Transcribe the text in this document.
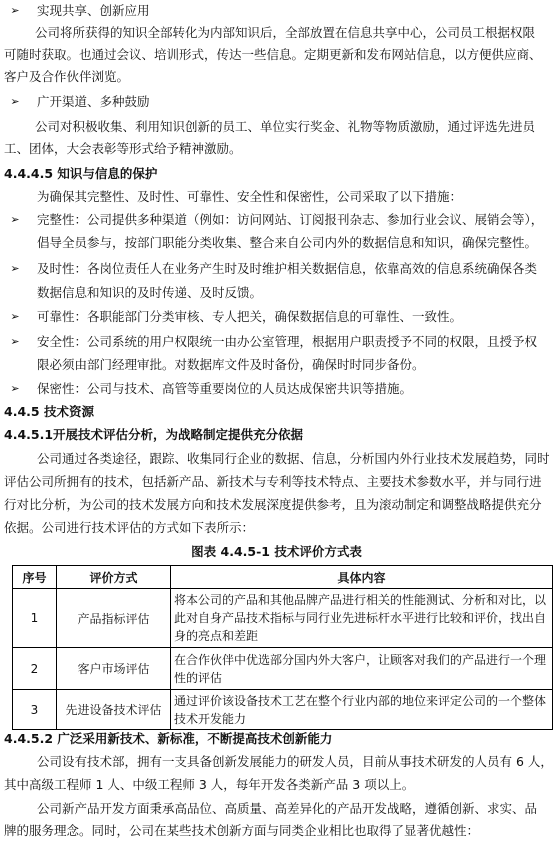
➢	实现共享、创新应用
公司将所获得的知识全部转化为内部知识后，全部放置在信息共享中心，公司员工根据权限
可随时获取。也通过会议、培训形式，传达一些信息。定期更新和发布网站信息，以方便供应商、
客户及合作伙伴浏览。
➢	广开渠道、多种鼓励
公司对积极收集、利用知识创新的员工、单位实行奖金、礼物等物质激励，通过评选先进员
工、团体，大会表彰等形式给予精神激励。
4.4.4.5 知识与信息的保护
为确保其完整性、及时性、可靠性、安全性和保密性，公司采取了以下措施：
➢	完整性：公司提供多种渠道（例如：访问网站、订阅报刊杂志、参加行业会议、展销会等），
倡导全员参与，按部门职能分类收集、整合来自公司内外的数据信息和知识，确保完整性。
➢	及时性：各岗位责任人在业务产生时及时维护相关数据信息，依靠高效的信息系统确保各类
数据信息和知识的及时传递、及时反馈。
➢	可靠性：各职能部门分类审核、专人把关，确保数据信息的可靠性、一致性。
➢	安全性：公司系统的用户权限统一由办公室管理，根据用户职责授予不同的权限，且授予权
限必须由部门经理审批。对数据库文件及时备份，确保时时同步备份。
➢	保密性：公司与技术、高管等重要岗位的人员达成保密共识等措施。
4.4.5 技术资源
4.4.5.1开展技术评估分析，为战略制定提供充分依据
公司通过各类途径，跟踪、收集同行企业的数据、信息，分析国内外行业技术发展趋势，同时
评估公司所拥有的技术，包括新产品、新技术与专利等技术特点、主要技术参数水平，并与同行进
行对比分析，为公司的技术发展方向和技术发展深度提供参考，且为滚动制定和调整战略提供充分
依据。公司进行技术评估的方式如下表所示：
图表 4.4.5-1 技术评价方式表
序号	评价方式	具体内容
1	产品指标评估	将本公司的产品和其他品牌产品进行相关的性能测试、分析和对比，以此对自身产品技术指标与同行业先进标杆水平进行比较和评价，找出自身的亮点和差距
2	客户市场评估	在合作伙伴中优选部分国内外大客户，让顾客对我们的产品进行一个理性的评估
3	先进设备技术评估	通过评价该设备技术工艺在整个行业内部的地位来评定公司的一个整体技术开发能力
4.4.5.2 广泛采用新技术、新标准，不断提高技术创新能力
公司设有技术部，拥有一支具备创新发展能力的研发人员，目前从事技术研发的人员有 6 人，
其中高级工程师 1 人、中级工程师 3 人，每年开发各类新产品 3 项以上。
公司新产品开发方面秉承高品位、高质量、高差异化的产品开发战略，遵循创新、求实、品
牌的服务理念。同时，公司在某些技术创新方面与同类企业相比也取得了显著优越性：
